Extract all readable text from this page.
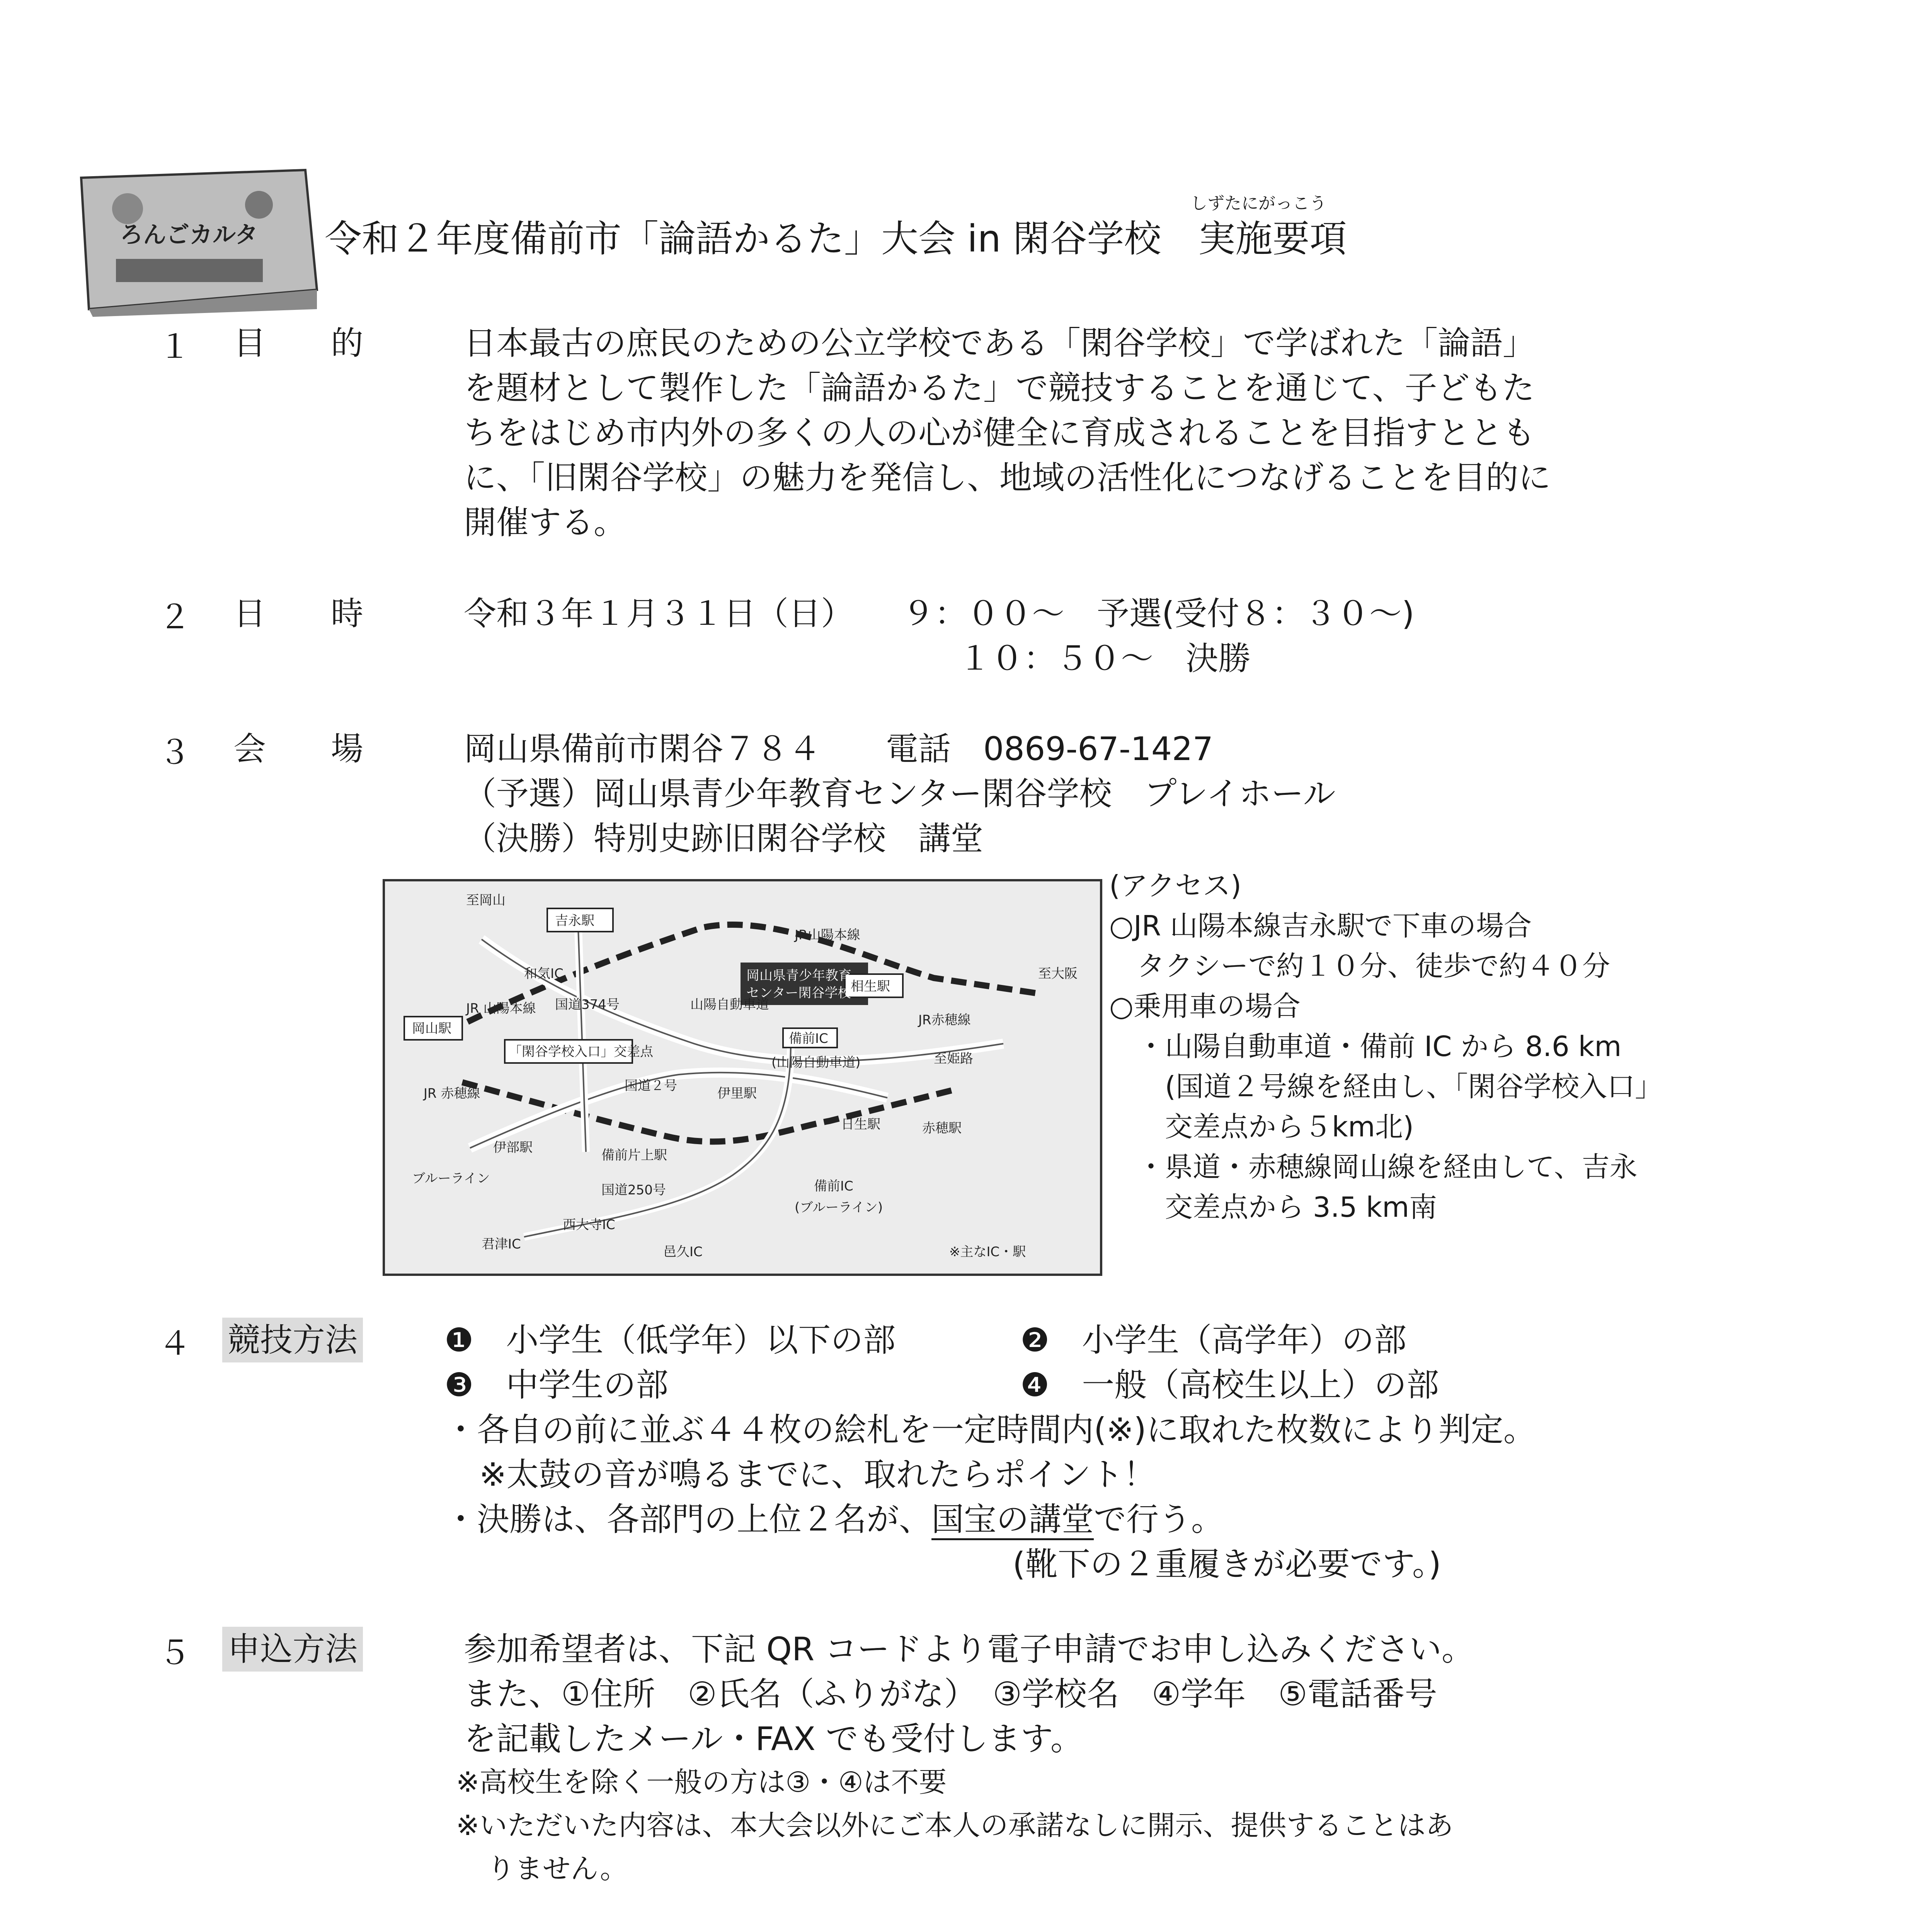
ろんごカルタ
しずたにがっこう
令和２年度備前市「論語かるた」大会 in 閑谷学校　実施要項
１ 目　　的	日本最古の庶民のための公立学校である「閑谷学校」で学ばれた「論語」
を題材として製作した「論語かるた」で競技することを通じて、子どもた
ちをはじめ市内外の多くの人の心が健全に育成されることを目指すととも
に、「旧閑谷学校」の魅力を発信し、地域の活性化につなげることを目的に
開催する。
２ 日　　時	令和３年１月３１日（日）　　９：００～　予選(受付８：３０～)
１０：５０～　決勝
３ 会　　場	岡山県備前市閑谷７８４　　電話　0869-67-1427
（予選）岡山県青少年教育センター閑谷学校　プレイホール
（決勝）特別史跡旧閑谷学校　講堂
至岡山
吉永駅
JR山陽本線
至大阪
和気IC	岡山県青少年教育
センター閑谷学校 相生駅
JR 山陽本線 国道374号	山陽自動車道
JR赤穂線
岡山駅
「閑谷学校入口」交差点
備前IC
(山陽自動車道)	至姫路
国道２号	伊里駅
JR 赤穂線
日生駅
伊部駅	備前片上駅
赤穂駅
ブルーライン
国道250号	備前IC
(ブルーライン)
西大寺IC
君津IC	邑久IC	※主なIC・駅
(アクセス)
○JR 山陽本線吉永駅で下車の場合
　タクシーで約１０分、徒歩で約４０分
○乗用車の場合
　・山陽自動車道・備前 IC から 8.6 km
　　(国道２号線を経由し、「閑谷学校入口」
　　交差点から５km北)
　・県道・赤穂線岡山線を経由して、吉永
　　交差点から 3.5 km南
４ 競技方法	❶　小学生（低学年）以下の部	❷　小学生（高学年）の部
❸　中学生の部	❹　一般（高校生以上）の部
・各自の前に並ぶ４４枚の絵札を一定時間内(※)に取れた枚数により判定。
※太鼓の音が鳴るまでに、取れたらポイント！
・決勝は、各部門の上位２名が、国宝の講堂で行う。
(靴下の２重履きが必要です。)
５ 申込方法	参加希望者は、下記 QR コードより電子申請でお申し込みください。
また、①住所　②氏名（ふりがな）　③学校名　④学年　⑤電話番号
を記載したメール・FAX でも受付します。
※高校生を除く一般の方は③・④は不要
※いただいた内容は、本大会以外にご本人の承諾なしに開示、提供することはあ
りません。
